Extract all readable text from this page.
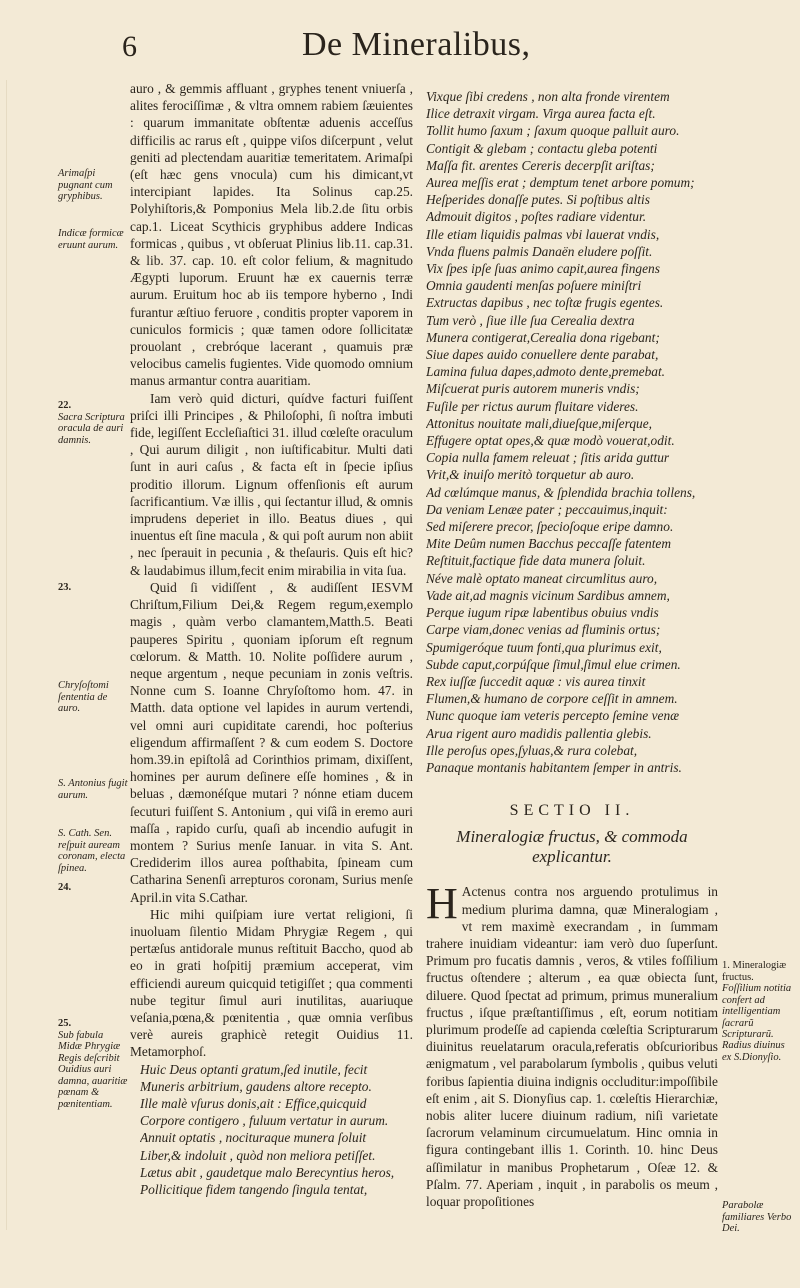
6	De Mineralibus,

auro , & gemmis affluant , gryphes tenent vniuerſa , alites ferociſſimæ , & vltra omnem rabiem ſæuientes : quarum immanitate obſtentæ aduenis acceſſus difficilis ac rarus eſt , quippe viſos diſcerpunt , velut geniti ad plectendam auaritiæ temeritatem. Arimaſpi (eſt hæc gens vnocula) cum his dimicant,vt intercipiant lapides. Ita Solinus cap.25. Polyhiſtoris,& Pomponius Mela lib.2.de ſitu orbis cap.1. Liceat Scythicis gryphibus addere Indicas formicas , quibus , vt obſeruat Plinius lib.11. cap.31. & lib. 37. cap. 10. eſt color felium, & magnitudo Ægypti luporum. Eruunt hæ ex cauernis terræ aurum. Eruitum hoc ab iis tempore hyberno , Indi furantur æſtiuo feruore , conditis propter vaporem in cuniculos formicis ; quæ tamen odore ſollicitatæ prouolant , crebróque lacerant , quamuis præ velocibus camelis fugientes. Vide quomodo omnium manus armantur contra auaritiam.

Iam verò quid dicturi, quídve facturi fuiſſent priſci illi Principes , & Philoſophi, ſi noſtra imbuti fide, legiſſent Eccleſiaſtici 31. illud cœleſte oraculum , Qui aurum diligit , non iuſtificabitur. Multi dati ſunt in auri caſus , & facta eſt in ſpecie ipſius proditio illorum. Lignum offenſionis eſt aurum ſacrificantium. Væ illis , qui ſectantur illud, & omnis imprudens deperiet in illo. Beatus diues , qui inuentus eſt ſine macula , & qui poſt aurum non abiit , nec ſperauit in pecunia , & theſauris. Quis eſt hic? & laudabimus illum,fecit enim mirabilia in vita ſua.

Quid ſi vidiſſent , & audiſſent IESVM Chriſtum,Filium Dei,& Regem regum,exemplo magis , quàm verbo clamantem,Matth.5. Beati pauperes Spiritu , quoniam ipſorum eſt regnum cœlorum. & Matth. 10. Nolite poſſidere aurum , neque argentum , neque pecuniam in zonis veſtris. Nonne cum S. Ioanne Chryſoſtomo hom. 47. in Matth. data optione vel lapides in aurum vertendi, vel omni auri cupiditate carendi, hoc poſterius eligendum affirmaſſent ? & cum eodem S. Doctore hom.39.in epiſtolâ ad Corinthios primam, dixiſſent, homines per aurum deſinere eſſe homines , & in beluas , dæmonéſque mutari ? nónne etiam ducem ſecuturi fuiſſent S. Antonium , qui viſâ in eremo auri maſſa , rapido curſu, quaſi ab incendio aufugit in montem ? Surius menſe Ianuar. in vita S. Ant. Crediderim illos aurea poſthabita, ſpineam cum Catharina Senenſi arrepturos coronam, Surius menſe April.in vita S.Cathar.

Hic mihi quiſpiam iure vertat religioni, ſi inuoluam ſilentio Midam Phrygiæ Regem , qui pertæſus antidorale munus reſtituit Baccho, quod ab eo in grati hoſpitij præmium acceperat, vim efficiendi aureum quicquid tetigiſſet ; qua commenti nube tegitur ſimul auri inutilitas, auariuque veſania,pœna,& pœnitentia , quæ omnia verſibus verè aureis graphicè retegit Ouidius 11. Metamorphoſ.

Huic Deus optanti gratum,ſed inutile, fecit
Muneris arbitrium, gaudens altore recepto.
Ille malè vſurus donis,ait : Effice,quicquid
Corpore contigero , fuluum vertatur in aurum.
Annuit optatis , nocituraque munera ſoluit
Liber,& indoluit , quòd non meliora petiſſet.
Lætus abit , gaudetque malo Berecyntius heros,
Pollicitique fidem tangendo ſingula tentat,
Vixque ſibi credens , non alta fronde virentem
Ilice detraxit virgam. Virga aurea facta eſt.
Tollit humo ſaxum ; ſaxum quoque palluit auro.
Contigit & glebam ; contactu gleba potenti
Maſſa fit. arentes Cereris decerpſit ariſtas;
Aurea meſſis erat ; demptum tenet arbore pomum;
Heſperides donaſſe putes. Si poſtibus altis
Admouit digitos , poſtes radiare videntur.
Ille etiam liquidis palmas vbi lauerat vndis,
Vnda fluens palmis Danaën eludere poſſit.
Vix ſpes ipſe ſuas animo capit,aurea fingens
Omnia gaudenti menſas poſuere miniſtri
Extructas dapibus , nec toſtæ frugis egentes.
Tum verò , ſiue ille ſua Cerealia dextra
Munera contigerat,Cerealia dona rigebant;
Siue dapes auido conuellere dente parabat,
Lamina fulua dapes,admoto dente,premebat.
Miſcuerat puris autorem muneris vndis;
Fuſile per rictus aurum fluitare videres.
Attonitus nouitate mali,diueſque,miſerque,
Effugere optat opes,& quæ modò vouerat,odit.
Copia nulla famem releuat ; ſitis arida guttur
Vrit,& inuiſo meritò torquetur ab auro.
Ad cœlúmque manus, & ſplendida brachia tollens,
Da veniam Lenæe pater ; peccauimus,inquit:
Sed miſerere precor, ſpecioſoque eripe damno.
Mite Deûm numen Bacchus peccaſſe fatentem
Reſtituit,factique fide data munera ſoluit.
Néve malè optato maneat circumlitus auro,
Vade ait,ad magnis vicinum Sardibus amnem,
Perque iugum ripæ labentibus obuius vndis
Carpe viam,donec venias ad fluminis ortus;
Spumigeróque tuum fonti,qua plurimus exit,
Subde caput,corpúſque ſimul,ſimul elue crimen.
Rex iuſſæ ſuccedit aquæ : vis aurea tinxit
Flumen,& humano de corpore ceſſit in amnem.
Nunc quoque iam veteris percepto ſemine venæ
Arua rigent auro madidis pallentia glebis.
Ille peroſus opes,ſyluas,& rura colebat,
Panaque montanis habitantem ſemper in antris.
SECTIO II.
Mineralogiæ fructus, & commoda explicantur.

H Actenus contra nos arguendo protulimus in medium plurima damna, quæ Mineralogiam , vt rem maximè execrandam , in ſummam trahere inuidiam videantur: iam verò duo ſuperſunt. Primum pro fucatis damnis , veros, & vtiles foſſilium fructus oſtendere ; alterum , ea quæ obiecta ſunt, diluere. Quod ſpectat ad primum, primus muneralium fructus , iſque præſtantiſſimus , eſt, eorum notitiam plurimum prodeſſe ad capienda cœleſtia Scripturarum diuinitus reuelatarum oracula,referatis obſcurioribus ænigmatum , vel parabolarum ſymbolis , quibus veluti foribus ſapientia diuina indignis occluditur:impoſſibile eſt enim , ait S. Dionyſius cap. 1. cœleſtis Hierarchiæ, nobis aliter lucere diuinum radium, niſi varietate ſacrorum velaminum circumuelatum. Hinc omnia in figura contingebant illis 1. Corinth. 10. hinc Deus aſſimilatur in manibus Prophetarum , Oſeæ 12. & Pſalm. 77. Aperiam , inquit , in parabolis os meum , loquar propoſitiones

Arimaſpi pugnant cum gryphibus.
Indicæ formicæ eruunt aurum.
22.
Sacra Scriptura oracula de auri damnis.
23.
Chryſoſtomi ſententia de auro.
S. Antonius fugit aurum.
S. Cath. Sen. reſpuit auream coronam, electa ſpinea.
24.
25.
Sub fabula Midæ Phrygiæ Regis deſcribit Ouidius auri damna, auaritiæ pœnam & pœnitentiam.
1. Mineralogiæ fructus.
Foſſilium notitia confert ad intelligentiam ſacrarũ Scripturarũ.
Radius diuinus ex S.Dionyſio.
Parabolæ familiares Verbo Dei.
